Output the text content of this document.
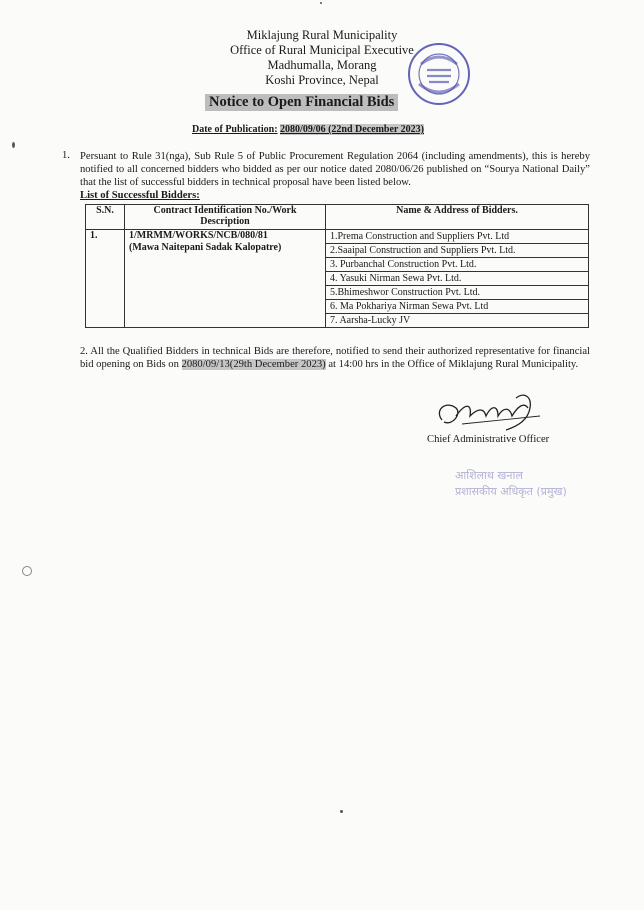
Miklajung Rural Municipality
Office of Rural Municipal Executive
Madhumalla, Morang
Koshi Province, Nepal
Notice to Open Financial Bids
Date of Publication: 2080/09/06 (22nd December 2023)
1. Persuant to Rule 31(nga), Sub Rule 5 of Public Procurement Regulation 2064 (including amendments), this is hereby notified to all concerned bidders who bidded as per our notice dated 2080/06/26 published on “Sourya National Daily” that the list of successful bidders in technical proposal have been listed below.
List of Successful Bidders:
S.N.	Contract Identification No./Work Description	Name & Address of Bidders.
1.	1/MRMM/WORKS/NCB/080/81
(Mawa Naitepani Sadak Kalopatre)	1.Prema Construction and Suppliers Pvt. Ltd
		2.Saaipal Construction and Suppliers Pvt. Ltd.
		3. Purbanchal Construction Pvt. Ltd.
		4. Yasuki Nirman Sewa Pvt. Ltd.
		5.Bhimeshwor Construction Pvt. Ltd.
		6. Ma Pokhariya Nirman Sewa Pvt. Ltd
		7. Aarsha-Lucky JV
2. All the Qualified Bidders in technical Bids are therefore, notified to send their authorized representative for financial bid opening on Bids on 2080/09/13(29th December 2023) at 14:00 hrs in the Office of Miklajung Rural Municipality.
Chief Administrative Officer
आशिलाथ खनाल
प्रशासकीय अधिकृत (प्रमुख)
